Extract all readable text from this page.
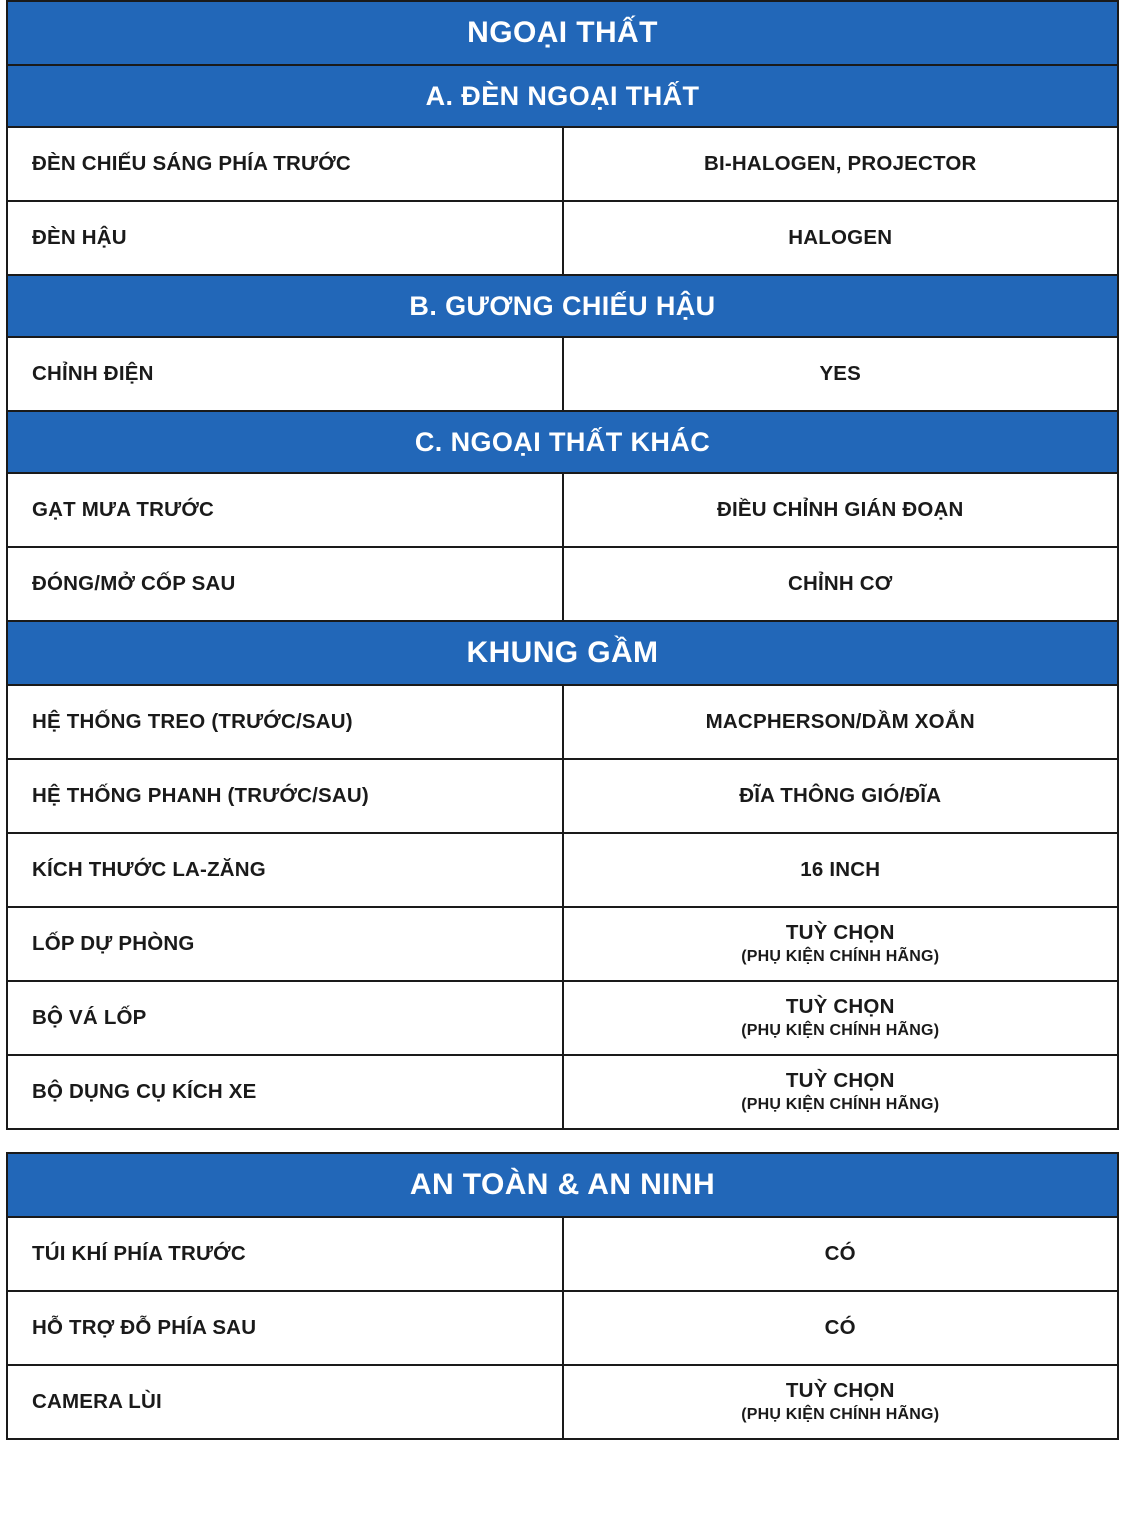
NGOẠI THẤT	
A. ĐÈN NGOẠI THẤT	
ĐÈN CHIẾU SÁNG PHÍA TRƯỚC	BI-HALOGEN, PROJECTOR

ĐÈN HẬU	HALOGEN

B. GƯƠNG CHIẾU HẬU	
CHỈNH ĐIỆN	YES

C. NGOẠI THẤT KHÁC	
GẠT MƯA TRƯỚC	ĐIỀU CHỈNH GIÁN ĐOẠN

ĐÓNG/MỞ CỐP SAU	CHỈNH CƠ

KHUNG GẦM	
HỆ THỐNG TREO (TRƯỚC/SAU)	MACPHERSON/DẦM XOẮN

HỆ THỐNG PHANH (TRƯỚC/SAU)	ĐĨA THÔNG GIÓ/ĐĨA

KÍCH THƯỚC LA-ZĂNG	16 INCH

LỐP DỰ PHÒNG	TUỲ CHỌN
(PHỤ KIỆN CHÍNH HÃNG)

BỘ VÁ LỐP	TUỲ CHỌN
(PHỤ KIỆN CHÍNH HÃNG)

BỘ DỤNG CỤ KÍCH XE	TUỲ CHỌN
(PHỤ KIỆN CHÍNH HÃNG)
AN TOÀN & AN NINH	
TÚI KHÍ PHÍA TRƯỚC	CÓ

HỖ TRỢ ĐỖ PHÍA SAU	CÓ

CAMERA LÙI	TUỲ CHỌN
(PHỤ KIỆN CHÍNH HÃNG)
